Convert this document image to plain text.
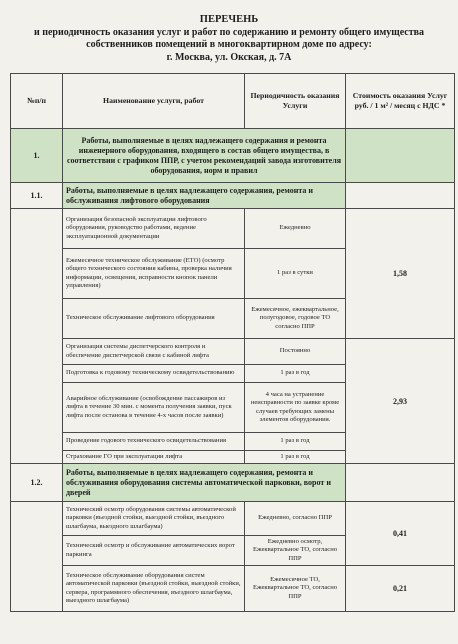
ПЕРЕЧЕНЬ
и периодичность оказания услуг и работ по содержанию и ремонту общего имущества
собственников помещений в многоквартирном доме по адресу:
г. Москва, ул. Окская, д. 7А
№п/п	Наименование услуги, работ	Периодичность оказания Услуги	Стоимость оказания Услуг руб. / 1 м² / месяц с НДС *
1.	Работы, выполняемые в целях надлежащего содержания и ремонта инженерного оборудования, входящего в состав общего имущества, в соответствии с графиком ППР, с учетом рекомендаций завода изготовителя оборудования, норм и правил		
1.1.	Работы, выполняемые в целях надлежащего содержания, ремонта и обслуживания лифтового оборудования		
	Организация безопасной эксплуатации лифтового оборудования, руководство работами, ведение эксплуатационной документации	Ежедневно	1,58
	Ежемесячное техническое обслуживание (ЕТО) (осмотр общего технического состояния кабины, проверка наличия информации, освещения, исправности кнопок панели управления)	1 раз в сутки	
	Техническое обслуживание лифтового оборудования	Ежемесячное, ежеквартальное, полугодовое, годовое ТО согласно ППР	
	Организация системы диспетчерского контроля и обеспечение диспетчерской связи с кабиной лифта	Постоянно	2,93
	Подготовка к годовому техническому освидетельствованию	1 раз в год	
	Аварийное обслуживание (освобождение пассажиров из лифта в течение 30 мин. с момента получения заявки, пуск лифта после останова в течение 4-х часов после заявки)	4 часа на устранение неисправности по заявке кроме случаев требующих замены элементов оборудования.	
	Проведение годового технического освидетельствования	1 раз в год	
	Страхование ГО при эксплуатации лифта	1 раз в год	
1.2.	Работы, выполняемые в целях надлежащего содержания, ремонта и обслуживания оборудования системы автоматической парковки, ворот и дверей		
	Технический осмотр оборудования системы автоматической парковки (въездной стойки, выездной стойки, въездного шлагбаума, выездного шлагбаума)	Ежедневно, согласно ППР	0,41
	Технический осмотр и обслуживание автоматических ворот паркинга	Ежедневно осмотр, Ежеквартальное ТО, согласно ППР	
	Техническое обслуживание оборудования систем автоматической парковки (въездной стойки, выездной стойки, сервера, программного обеспечения, въездного шлагбаума, выездного шлагбаума)	Ежемесячное ТО, Ежеквартальное ТО, согласно ППР	0,21
